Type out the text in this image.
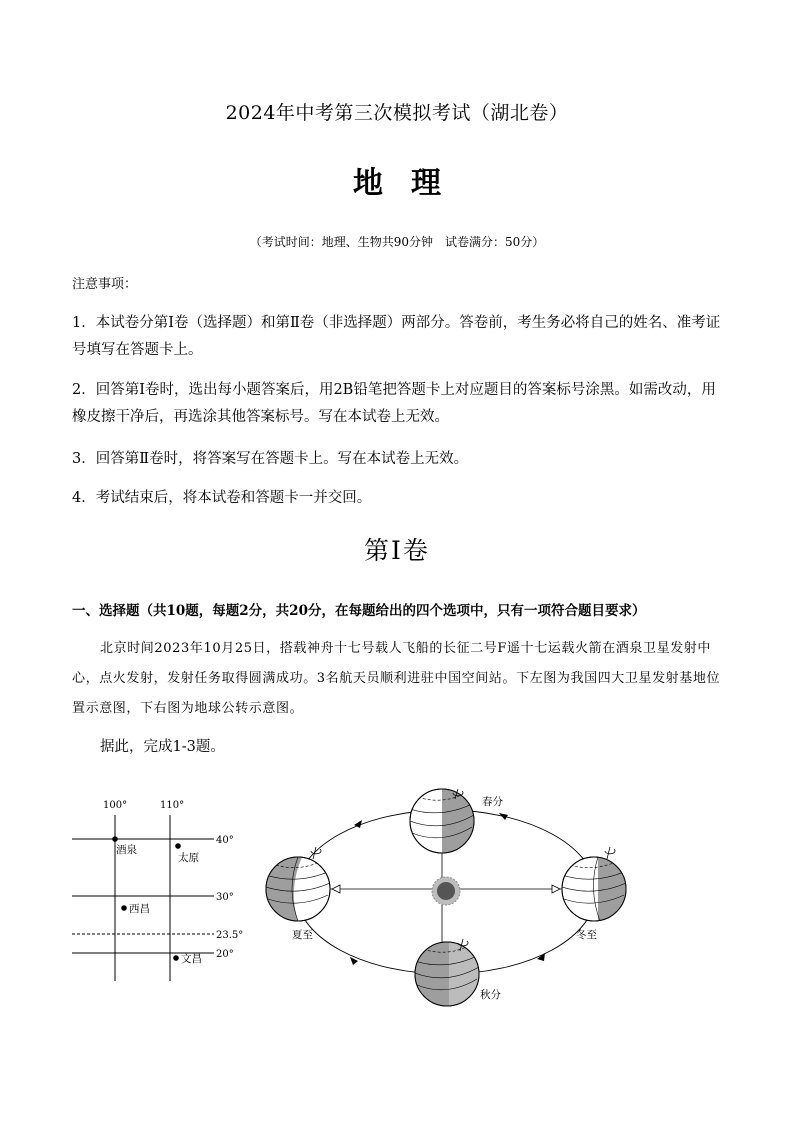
2024年中考第三次模拟考试（湖北卷）
地理
（考试时间：地理、生物共90分钟　试卷满分：50分）
注意事项：
1．本试卷分第Ⅰ卷（选择题）和第Ⅱ卷（非选择题）两部分。答卷前，考生务必将自己的姓名、准考证号填写在答题卡上。
2．回答第Ⅰ卷时，选出每小题答案后，用2B铅笔把答题卡上对应题目的答案标号涂黑。如需改动，用橡皮擦干净后，再选涂其他答案标号。写在本试卷上无效。
3．回答第Ⅱ卷时，将答案写在答题卡上。写在本试卷上无效。
4．考试结束后，将本试卷和答题卡一并交回。
第Ⅰ卷
一、选择题（共10题，每题2分，共20分，在每题给出的四个选项中，只有一项符合题目要求）
北京时间2023年10月25日，搭载神舟十七号载人飞船的长征二号F遥十七运载火箭在酒泉卫星发射中心，点火发射，发射任务取得圆满成功。3名航天员顺利进驻中国空间站。下左图为我国四大卫星发射基地位置示意图，下右图为地球公转示意图。
据此，完成1-3题。
100°	110°
40°
30°
23.5°
20°
酒泉
太原
西昌
文昌
春分
夏至	冬至
秋分
